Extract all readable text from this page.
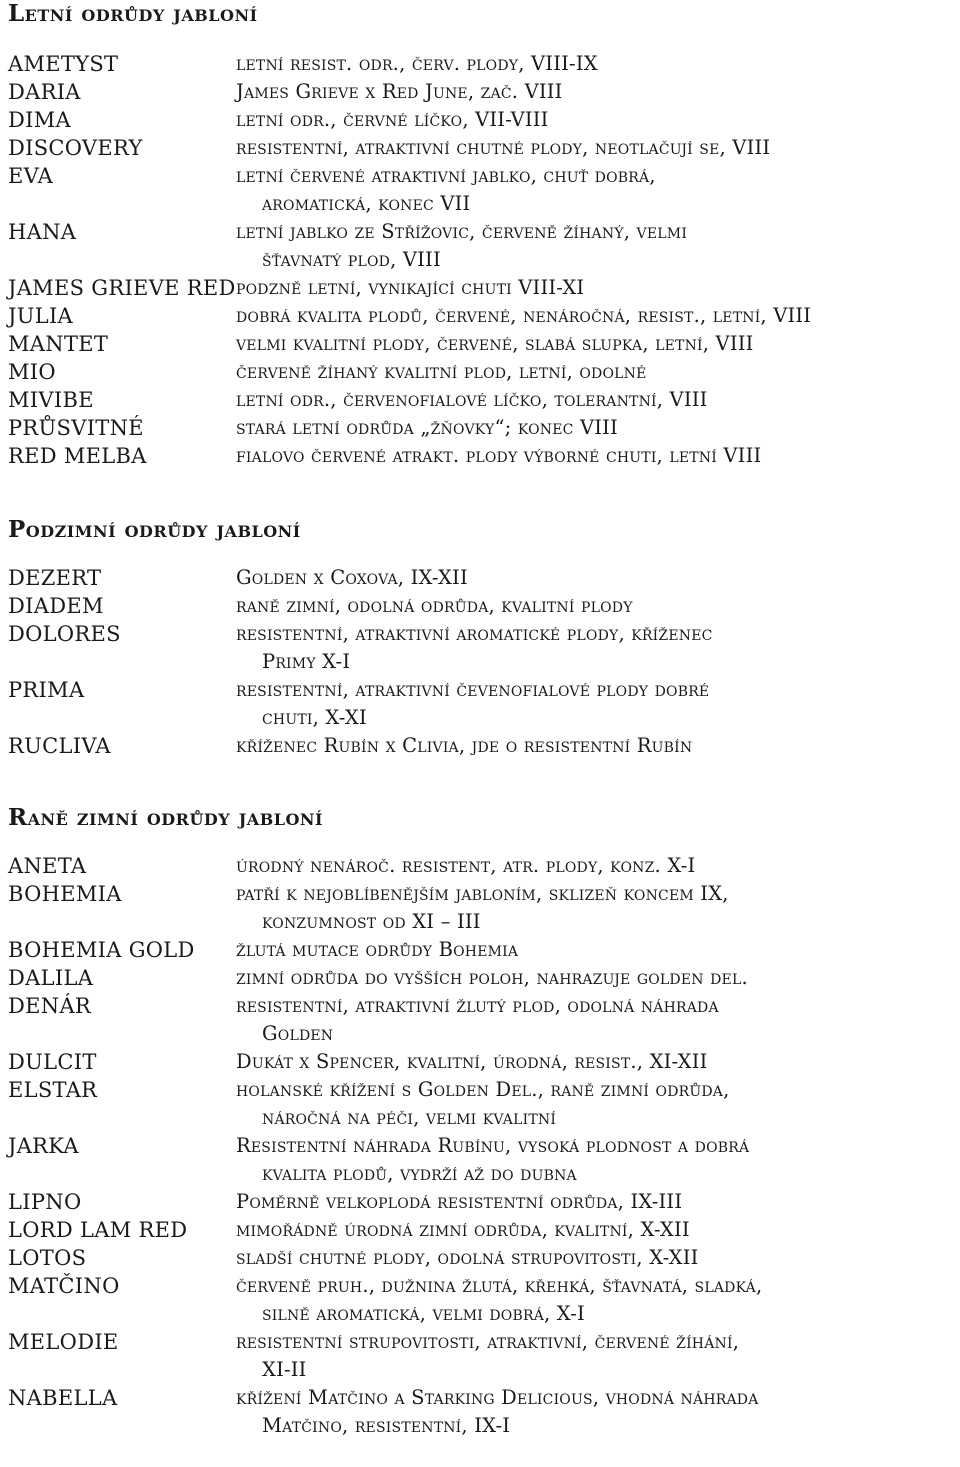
Letní odrůdy jabloní
AMETYST	letní resist. odr., červ. plody, VIII-IX
DARIA	James Grieve x Red June, zač. VIII
DIMA	letní odr., červné líčko, VII-VIII
DISCOVERY	resistentní, atraktivní chutné plody, neotlačují se, VIII
EVA	letní červené atraktivní jablko, chuť dobrá,
aromatická, konec VII
HANA	letní jablko ze Střížovic, červeně žíhaný, velmi
šťavnatý plod, VIII
JAMES GRIEVE RED podzně letní, vynikající chuti VIII-XI
JULIA	dobrá kvalita plodů, červené, nenáročná, resist., letní, VIII
MANTET	velmi kvalitní plody, červené, slabá slupka, letní, VIII
MIO	červeně žíhaný kvalitní plod, letní, odolné
MIVIBE	letní odr., červenofialové líčko, tolerantní, VIII
PRŮSVITNÉ	stará letní odrůda „žňovky“; konec VIII
RED MELBA	fialovo červené atrakt. plody výborné chuti, letní VIII
Podzimní odrůdy jabloní
DEZERT	Golden x Coxova, IX-XII
DIADEM	raně zimní, odolná odrůda, kvalitní plody
DOLORES	resistentní, atraktivní aromatické plody, kříženec
Primy X-I
PRIMA	resistentní, atraktivní čevenofialové plody dobré
chuti, X-XI
RUCLIVA	kříženec Rubín x Clivia, jde o resistentní Rubín
Raně zimní odrůdy jabloní
ANETA	úrodný nenároč. resistent, atr. plody, konz. X-I
BOHEMIA	patří k nejoblíbenějším jabloním, sklizeň koncem IX,
konzumnost od XI – III
BOHEMIA GOLD	žlutá mutace odrůdy Bohemia
DALILA	zimní odrůda do vyšších poloh, nahrazuje golden del.
DENÁR	resistentní, atraktivní žlutý plod, odolná náhrada
Golden
DULCIT	Dukát x Spencer, kvalitní, úrodná, resist., XI-XII
ELSTAR	holanské křížení s Golden Del., raně zimní odrůda,
náročná na péči, velmi kvalitní
JARKA	Resistentní náhrada Rubínu, vysoká plodnost a dobrá
kvalita plodů, vydrží až do dubna
LIPNO	Poměrně velkoplodá resistentní odrůda, IX-III
LORD LAM RED	mimořádně úrodná zimní odrůda, kvalitní, X-XII
LOTOS	sladší chutné plody, odolná strupovitosti, X-XII
MATČINO	červeně pruh., dužnina žlutá, křehká, šťavnatá, sladká,
silně aromatická, velmi dobrá, X-I
MELODIE	resistentní strupovitosti, atraktivní, červené žíhání,
XI-II
NABELLA	křížení Matčino a Starking Delicious, vhodná náhrada
Matčino, resistentní, IX-I
